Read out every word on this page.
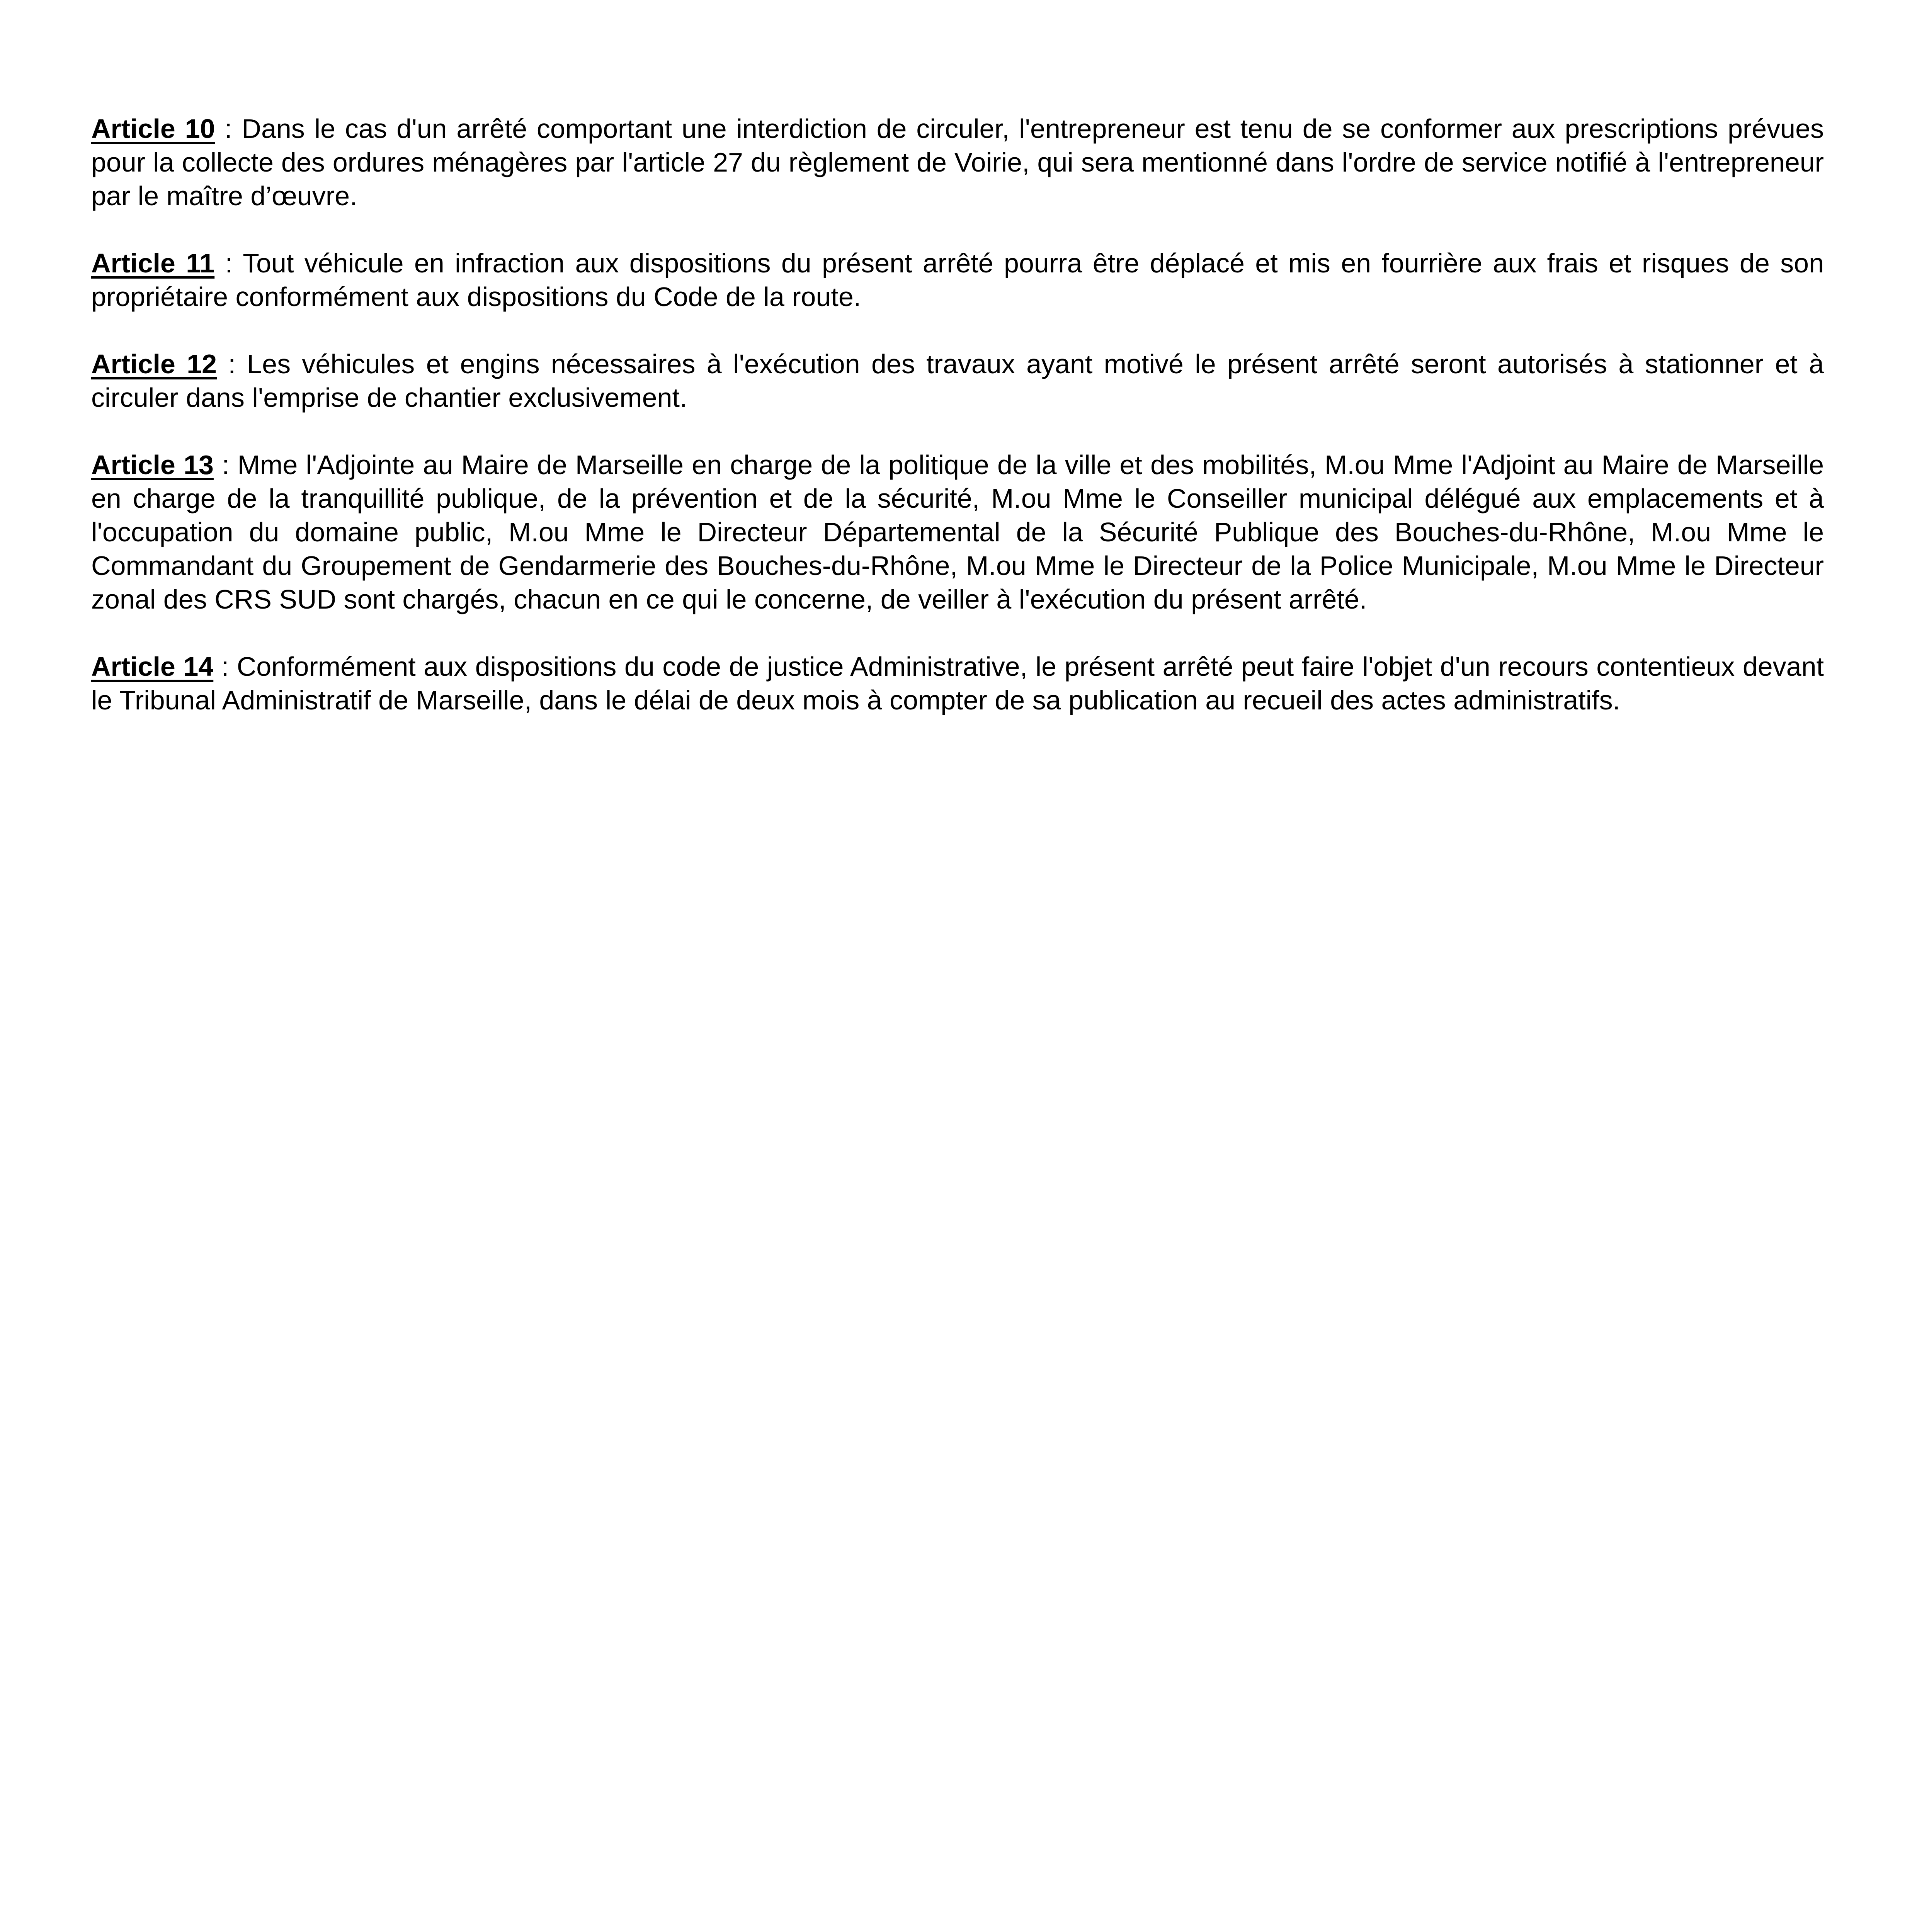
Article 10 : Dans le cas d'un arrêté comportant une interdiction de circuler, l'entrepreneur est tenu de se conformer aux prescriptions prévues pour la collecte des ordures ménagères par l'article 27 du règlement de Voirie, qui sera mentionné dans l'ordre de service notifié à l'entrepreneur par le maître d’œuvre.

Article 11 : Tout véhicule en infraction aux dispositions du présent arrêté pourra être déplacé et mis en fourrière aux frais et risques de son propriétaire conformément aux dispositions du Code de la route.

Article 12 : Les véhicules et engins nécessaires à l'exécution des travaux ayant motivé le présent arrêté seront autorisés à stationner et à circuler dans l'emprise de chantier exclusivement.

Article 13 : Mme l'Adjointe au Maire de Marseille en charge de la politique de la ville et des mobilités, M.ou Mme l'Adjoint au Maire de Marseille en charge de la tranquillité publique, de la prévention et de la sécurité, M.ou Mme le Conseiller municipal délégué aux emplacements et à l'occupation du domaine public, M.ou Mme le Directeur Départemental de la Sécurité Publique des Bouches-du-Rhône, M.ou Mme le Commandant du Groupement de Gendarmerie des Bouches-du-Rhône, M.ou Mme le Directeur de la Police Municipale, M.ou Mme le Directeur zonal des CRS SUD sont chargés, chacun en ce qui le concerne, de veiller à l'exécution du présent arrêté.

Article 14 : Conformément aux dispositions du code de justice Administrative, le présent arrêté peut faire l'objet d'un recours contentieux devant le Tribunal Administratif de Marseille, dans le délai de deux mois à compter de sa publication au recueil des actes administratifs.
